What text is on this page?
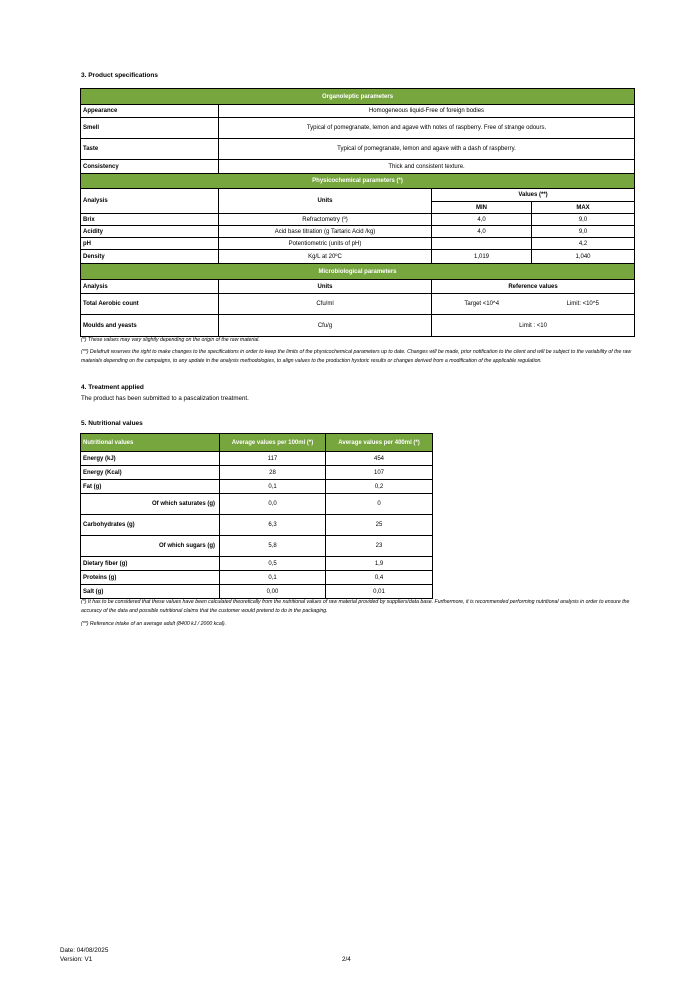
3. Product specifications
Organoleptic parameters			
Appearance	Homogeneous liquid-Free of foreign bodies		
Smell	Typical of pomegranate, lemon and agave with notes of raspberry. Free of strange odours.		
Taste	Typical of pomegranate, lemon and agave with a dash of raspberry.		
Consistency	Thick and consistent texture.		
Physicochemical parameters (*)			
Analysis	Units	Values (**)	
		MIN	MAX
Brix	Refractometry (º)	4,0	9,0
Acidity	Acid base titration (g Tartaric Acid /kg)	4,0	9,0
pH	Potentiometric (units of pH)		4,2
Density	Kg/L at 20ºC	1,019	1,040
Microbiological parameters			
Analysis	Units	Reference values	
Total Aerobic count	Cfu/ml	Target <10^4	Limit: <10^5
Moulds and yeasts	Cfu/g	Limit : <10	
(*) These values may vary slightly depending on the origin of the raw material.
(**) Delafruit reserves the right to make changes to the specifications in order to keep the limits of the physicochemical parameters up to date. Changes will be made, prior notification to the client and will be subject to the variability of the raw materials depending on the campaigns, to any update in the analysis methodologies, to align values to the production hystoric results or changes derived from a modification of the applicable regulation.
4. Treatment applied
The product has been submitted to a pascalization treatment.
5. Nutritional values
Nutritional values	Average values per 100ml (*)	Average values per 400ml (*)
Energy (kJ)	117	454
Energy (Kcal)	28	107
Fat (g)	0,1	0,2
Of which saturates (g)	0,0	0
Carbohydrates (g)	6,3	25
Of which sugars (g)	5,8	23
Dietary fiber (g)	0,5	1,9
Proteins (g)	0,1	0,4
Salt (g)	0,00	0,01
(*) It has to be considered that these values have been calculated theoretically from the nutritional values of raw material provided by suppliers/data base. Furthermore, it is recommended performing nutritional analysis in order to ensure the accuracy of the data and possible nutritional claims that the customer would pretend to do in the packaging.
(**) Reference intake of an average adult (8400 kJ / 2000 kcal).
Date: 04/08/2025
Version: V1	2/4
